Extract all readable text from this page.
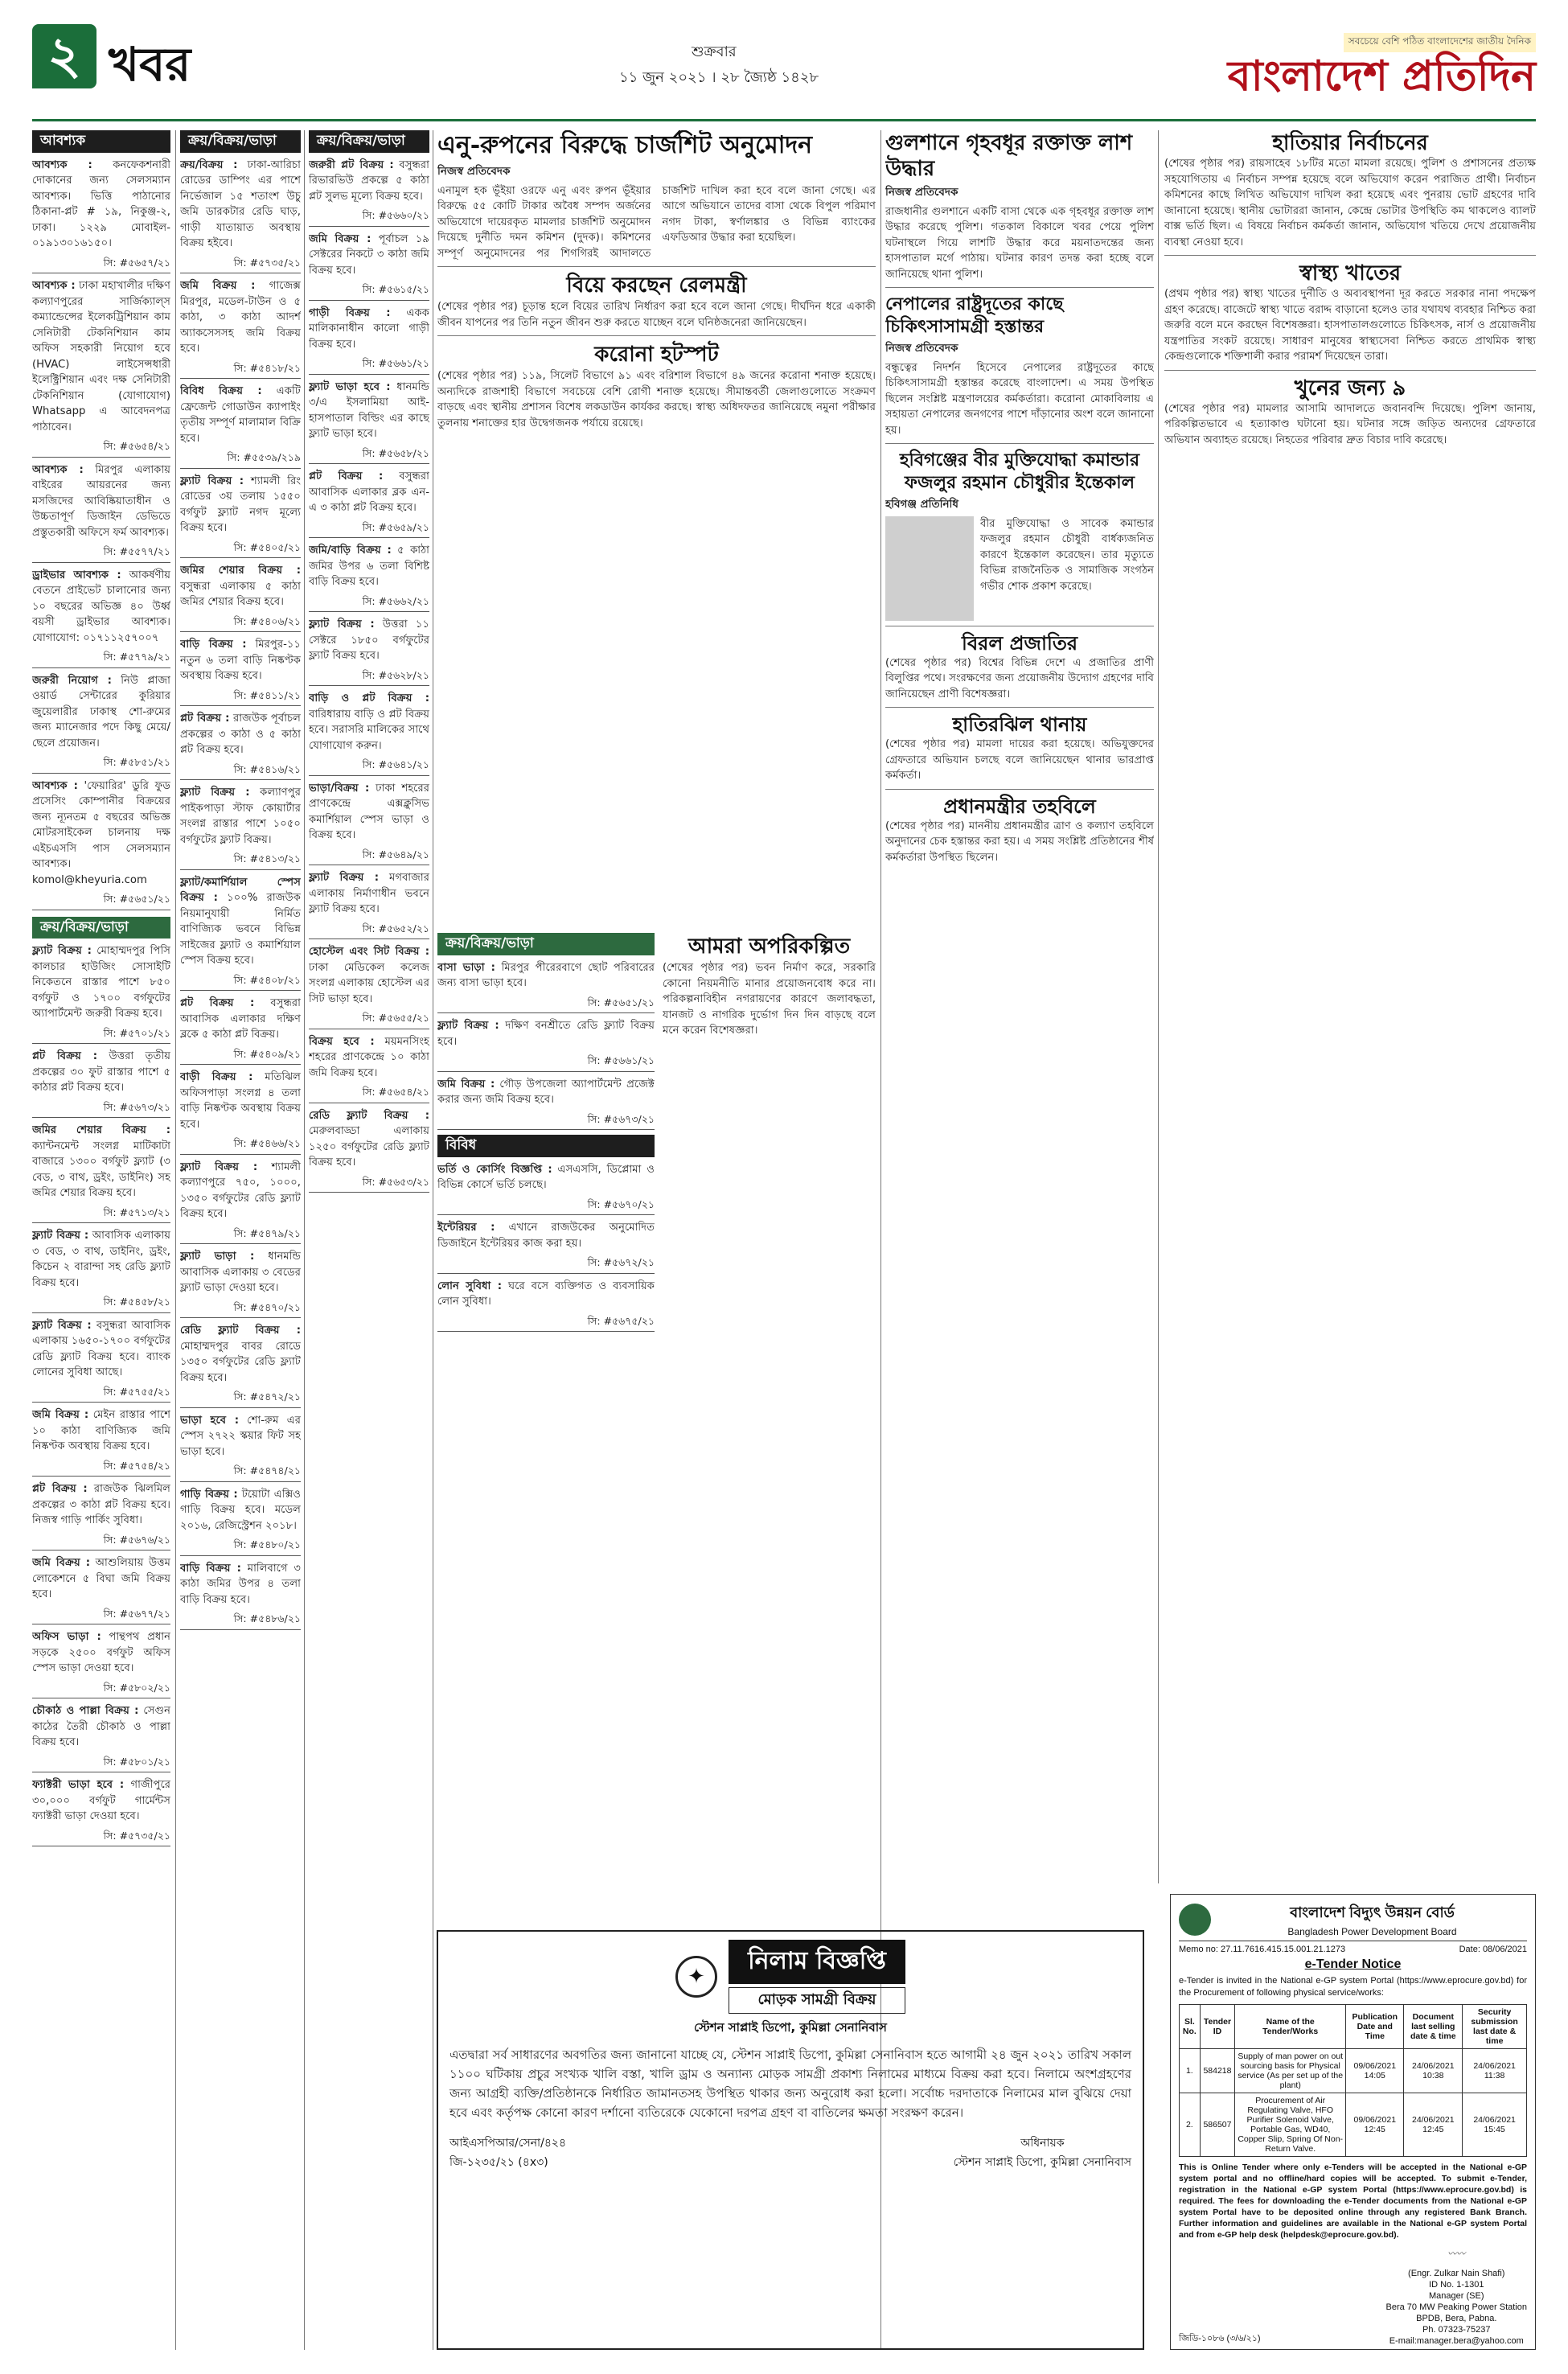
২ খবর	শুক্রবার
১১ জুন ২০২১ । ২৮ জ্যৈষ্ঠ ১৪২৮
সবচেয়ে বেশি পঠিত বাংলাদেশের জাতীয় দৈনিক
বাংলাদেশ প্রতিদিন
আবশ্যক
আবশ্যক : কনফেকশনারী দোকানের জন্য সেলসম্যান আবশ্যক। ভিত্তি পাঠানোর ঠিকানা-প্লট # ১৯, নিকুঞ্জ-২, ঢাকা। ১২২৯ মোবাইল- ০১৯১৩০১৬১৫০।
সি: #৫৬৫৭/২১
আবশ্যক : ঢাকা মহাখালীর দক্ষিণ কল্যাণপুরের সার্জিক্যাল্স কম্যান্ডেন্সের ইলেকট্রিশিয়ান কাম সেনিটারী টেকনিশিয়ান কাম অফিস সহকারী নিয়োগ হবে (HVAC) লাইসেন্সধারী ইলেক্ট্রিশিয়ান এবং দক্ষ সেনিটারী টেকনিশিয়ান (যোগাযোগ) Whatsapp এ আবেদনপত্র পাঠাবেন।
সি: #৫৬৫৪/২১
আবশ্যক : মিরপুর এলাকায় বাইরের আয়রনের জন্য মসজিদের আবিষ্কিয়াতাধীন ও উচ্চতাপূর্ণ ডিজাইন ডেভিডে প্রস্তুতকারী অফিসে ফর্ম আবশ্যক।
সি: #৫৫৭৭/২১
ড্রাইভার আবশ্যক : আকর্ষণীয় বেতনে প্রাইভেট চালানোর জন্য ১০ বছরের অভিজ্ঞ ৪০ উর্ধ্ব বয়সী ড্রাইভার আবশ্যক। যোগাযোগ: ০১৭১১২৫৭০০৭
সি: #৫৭৭৯/২১
জরুরী নিয়োগ : নিউ প্লাজা ওয়ার্ড সেন্টারের কুরিয়ার জুয়েলারীর ঢাকাস্থ শো-রুমের জন্য ম্যানেজার পদে কিছু মেয়ে/ছেলে প্রয়োজন।
সি: #৫৮৫১/২১
আবশ্যক : 'ফেয়ারির' ডুরি ফুড প্রসেসিং কোম্পানীর বিক্রয়ের জন্য ন্যূনতম ৫ বছরের অভিজ্ঞ মোটরসাইকেল চালনায় দক্ষ এইচএসসি পাস সেলসম্যান আবশ্যক। komol@kheyuria.com
সি: #৫৬৫১/২১
ক্রয়/বিক্রয়/ভাড়া
ফ্ল্যাট বিক্রয় : মোহাম্মদপুর পিসি কালচার হাউজিং সোসাইটি নিকেতনে রাস্তার পাশে ৮৫০ বর্গফুট ও ১৭০০ বর্গফুটের অ্যাপার্টমেন্ট জরুরী বিক্রয় হবে।
সি: #৫৭০১/২১
প্লট বিক্রয় : উত্তরা তৃতীয় প্রকল্পের ৩০ ফুট রাস্তার পাশে ৫ কাঠার প্লট বিক্রয় হবে।
সি: #৫৬৭৩/২১
জমির শেয়ার বিক্রয় : ক্যান্টনমেন্ট সংলগ্ন মাটিকাটা বাজারে ১৩০০ বর্গফুট ফ্ল্যাট (৩ বেড, ৩ বাথ, ড্রইং, ডাইনিং) সহ জমির শেয়ার বিক্রয় হবে।
সি: #৫৭১৩/২১
ফ্ল্যাট বিক্রয় : আবাসিক এলাকায় ৩ বেড, ৩ বাথ, ডাইনিং, ড্রইং, কিচেন ২ বারান্দা সহ রেডি ফ্ল্যাট বিক্রয় হবে।
সি: #৫৪৫৮/২১
ফ্ল্যাট বিক্রয় : বসুন্ধরা আবাসিক এলাকায় ১৬৫০-১৭০০ বর্গফুটের রেডি ফ্ল্যাট বিক্রয় হবে। ব্যাংক লোনের সুবিধা আছে।
সি: #৫৭৫৫/২১
জমি বিক্রয় : মেইন রাস্তার পাশে ১০ কাঠা বাণিজ্যিক জমি নিষ্কণ্টক অবস্থায় বিক্রয় হবে।
সি: #৫৭৫৪/২১
প্লট বিক্রয় : রাজউক ঝিলমিল প্রকল্পের ৩ কাঠা প্লট বিক্রয় হবে। নিজস্ব গাড়ি পার্কিং সুবিধা।
সি: #৫৬৭৬/২১
জমি বিক্রয় : আশুলিয়ায় উত্তম লোকেশনে ৫ বিঘা জমি বিক্রয় হবে।
সি: #৫৬৭৭/২১
অফিস ভাড়া : পান্থপথ প্রধান সড়কে ২৫০০ বর্গফুট অফিস স্পেস ভাড়া দেওয়া হবে।
সি: #৫৮০২/২১
চৌকাঠ ও পাল্লা বিক্রয় : সেগুন কাঠের তৈরী চৌকাঠ ও পাল্লা বিক্রয় হবে।
সি: #৫৮০১/২১
ফ্যাক্টরী ভাড়া হবে : গাজীপুরে ৩০,০০০ বর্গফুট গার্মেন্টস ফ্যাক্টরী ভাড়া দেওয়া হবে।
সি: #৫৭৩৫/২১
ক্রয়/বিক্রয়/ভাড়া
ক্রয়/বিক্রয় : ঢাকা-আরিচা রোডের ডাম্পিং এর পাশে নির্ভেজাল ১৫ শতাংশ উচু জমি ডারকটার রেডি ঘাড়, গাড়ী যাতায়াত অবস্থায় বিক্রয় হইবে।
সি: #৫৭৩৫/২১
জমি বিক্রয় : গাজেক্স মিরপুর, মডেল-টাউন ও ৫ কাঠা, ৩ কাঠা আদর্শ অ্যাকসেসসহ জমি বিক্রয় হবে।
সি: #৫৪১৮/২১
বিবিধ বিক্রয় : একটি ফ্রেজেন্ট গোডাউন ক্যাপাইং তৃতীয় সম্পূর্ণ মালামাল বিক্রি হবে।
সি: #৫৫৩৯/২১৯
ফ্ল্যাট বিক্রয় : শ্যামলী রিং রোডের ৩য় তলায় ১৫৫০ বর্গফুট ফ্ল্যাট নগদ মূল্যে বিক্রয় হবে।
সি: #৫৪০৫/২১
জমির শেয়ার বিক্রয় : বসুন্ধরা এলাকায় ৫ কাঠা জমির শেয়ার বিক্রয় হবে।
সি: #৫৪০৬/২১
বাড়ি বিক্রয় : মিরপুর-১১ নতুন ৬ তলা বাড়ি নিষ্কণ্টক অবস্থায় বিক্রয় হবে।
সি: #৫৪১১/২১
প্লট বিক্রয় : রাজউক পূর্বাচল প্রকল্পের ৩ কাঠা ও ৫ কাঠা প্লট বিক্রয় হবে।
সি: #৫৪১৬/২১
ফ্ল্যাট বিক্রয় : কল্যাণপুর পাইকপাড়া স্টাফ কোয়ার্টার সংলগ্ন রাস্তার পাশে ১০৫০ বর্গফুটের ফ্ল্যাট বিক্রয়।
সি: #৫৪১৩/২১
ফ্ল্যাট/কমার্শিয়াল স্পেস বিক্রয় : ১০০% রাজউক নিয়মানুযায়ী নির্মিত বাণিজ্যিক ভবনে বিভিন্ন সাইজের ফ্ল্যাট ও কমার্শিয়াল স্পেস বিক্রয় হবে।
সি: #৫৪০৮/২১
প্লট বিক্রয় : বসুন্ধরা আবাসিক এলাকার দক্ষিণ ব্লকে ৫ কাঠা প্লট বিক্রয়।
সি: #৫৪০৯/২১
বাড়ী বিক্রয় : মতিঝিল অফিসপাড়া সংলগ্ন ৪ তলা বাড়ি নিষ্কণ্টক অবস্থায় বিক্রয় হবে।
সি: #৫৪৬৬/২১
ফ্ল্যাট বিক্রয় : শ্যামলী কল্যাণপুরে ৭৫০, ১০০০, ১৩৫০ বর্গফুটের রেডি ফ্ল্যাট বিক্রয় হবে।
সি: #৫৪৭৯/২১
ফ্ল্যাট ভাড়া : ধানমন্ডি আবাসিক এলাকায় ৩ বেডের ফ্ল্যাট ভাড়া দেওয়া হবে।
সি: #৫৪৭০/২১
রেডি ফ্ল্যাট বিক্রয় : মোহাম্মদপুর বাবর রোডে ১৩৫০ বর্গফুটের রেডি ফ্ল্যাট বিক্রয় হবে।
সি: #৫৪৭২/২১
ভাড়া হবে : শো-রুম এর স্পেস ২৭২২ স্কয়ার ফিট সহ ভাড়া হবে।
সি: #৫৪৭৪/২১
গাড়ি বিক্রয় : টয়োটা এক্সিও গাড়ি বিক্রয় হবে। মডেল ২০১৬, রেজিস্ট্রেশন ২০১৮।
সি: #৫৪৮০/২১
বাড়ি বিক্রয় : মালিবাগে ৩ কাঠা জমির উপর ৪ তলা বাড়ি বিক্রয় হবে।
সি: #৫৪৮৬/২১
ক্রয়/বিক্রয়/ভাড়া
জরুরী প্লট বিক্রয় : বসুন্ধরা রিভারভিউ প্রকল্পে ৫ কাঠা প্লট সুলভ মূল্যে বিক্রয় হবে।
সি: #৫৬৬০/২১
জমি বিক্রয় : পূর্বাচল ১৯ সেক্টরের নিকটে ৩ কাঠা জমি বিক্রয় হবে।
সি: #৫৬১৫/২১
গাড়ী বিক্রয় : একক মালিকানাধীন কালো গাড়ী বিক্রয় হবে।
সি: #৫৬৬১/২১
ফ্ল্যাট ভাড়া হবে : ধানমন্ডি ৩/এ ইসলামিয়া আই-হাসপাতাল বিল্ডিং এর কাছে ফ্ল্যাট ভাড়া হবে।
সি: #৫৬৫৮/২১
প্লট বিক্রয় : বসুন্ধরা আবাসিক এলাকার ব্লক এন-এ ৩ কাঠা প্লট বিক্রয় হবে।
সি: #৫৬৫৯/২১
জমি/বাড়ি বিক্রয় : ৫ কাঠা জমির উপর ৬ তলা বিশিষ্ট বাড়ি বিক্রয় হবে।
সি: #৫৬৬২/২১
ফ্ল্যাট বিক্রয় : উত্তরা ১১ সেক্টরে ১৮৫০ বর্গফুটের ফ্ল্যাট বিক্রয় হবে।
সি: #৫৬২৮/২১
বাড়ি ও প্লট বিক্রয় : বারিধারায় বাড়ি ও প্লট বিক্রয় হবে। সরাসরি মালিকের সাথে যোগাযোগ করুন।
সি: #৫৬৪১/২১
ভাড়া/বিক্রয় : ঢাকা শহরের প্রাণকেন্দ্রে এক্সক্লুসিভ কমার্শিয়াল স্পেস ভাড়া ও বিক্রয় হবে।
সি: #৫৬৪৯/২১
ফ্ল্যাট বিক্রয় : মগবাজার এলাকায় নির্মাণাধীন ভবনে ফ্ল্যাট বিক্রয় হবে।
সি: #৫৬৫২/২১
হোস্টেল এবং সিট বিক্রয় : ঢাকা মেডিকেল কলেজ সংলগ্ন এলাকায় হোস্টেল এর সিট ভাড়া হবে।
সি: #৫৬৫৫/২১
বিক্রয় হবে : ময়মনসিংহ শহরের প্রাণকেন্দ্রে ১০ কাঠা জমি বিক্রয় হবে।
সি: #৫৬৫৪/২১
রেডি ফ্ল্যাট বিক্রয় : মেরুলবাড্ডা এলাকায় ১২৫০ বর্গফুটের রেডি ফ্ল্যাট বিক্রয় হবে।
সি: #৫৬৫৩/২১
এনু-রুপনের বিরুদ্ধে চার্জশিট অনুমোদন
নিজস্ব প্রতিবেদক
এনামুল হক ভূঁইয়া ওরফে এনু এবং রুপন ভূঁইয়ার বিরুদ্ধে ৫৫ কোটি টাকার অবৈধ সম্পদ অর্জনের অভিযোগে দায়েরকৃত মামলার চার্জশিট অনুমোদন দিয়েছে দুর্নীতি দমন কমিশন (দুদক)। কমিশনের সম্পূর্ণ অনুমোদনের পর শিগগিরই আদালতে চার্জশিট দাখিল করা হবে বলে জানা গেছে। এর আগে অভিযানে তাদের বাসা থেকে বিপুল পরিমাণ নগদ টাকা, স্বর্ণালঙ্কার ও বিভিন্ন ব্যাংকের এফডিআর উদ্ধার করা হয়েছিল।
বিয়ে করছেন রেলমন্ত্রী
(শেষের পৃষ্ঠার পর) চূড়ান্ত হলে বিয়ের তারিখ নির্ধারণ করা হবে বলে জানা গেছে। দীর্ঘদিন ধরে একাকী জীবন যাপনের পর তিনি নতুন জীবন শুরু করতে যাচ্ছেন বলে ঘনিষ্ঠজনেরা জানিয়েছেন।
করোনা হটস্পট
(শেষের পৃষ্ঠার পর) ১১৯, সিলেট বিভাগে ৯১ এবং বরিশাল বিভাগে ৪৯ জনের করোনা শনাক্ত হয়েছে। অন্যদিকে রাজশাহী বিভাগে সবচেয়ে বেশি রোগী শনাক্ত হয়েছে। সীমান্তবর্তী জেলাগুলোতে সংক্রমণ বাড়ছে এবং স্থানীয় প্রশাসন বিশেষ লকডাউন কার্যকর করছে। স্বাস্থ্য অধিদফতর জানিয়েছে নমুনা পরীক্ষার তুলনায় শনাক্তের হার উদ্বেগজনক পর্যায়ে রয়েছে।
ক্রয়/বিক্রয়/ভাড়া
বাসা ভাড়া : মিরপুর পীরেরবাগে ছোট পরিবারের জন্য বাসা ভাড়া হবে।
সি: #৫৬৫১/২১
ফ্ল্যাট বিক্রয় : দক্ষিণ বনশ্রীতে রেডি ফ্ল্যাট বিক্রয় হবে।
সি: #৫৬৬১/২১
জমি বিক্রয় : গৌড় উপজেলা অ্যাপার্টমেন্ট প্রজেক্ট করার জন্য জমি বিক্রয় হবে।
সি: #৫৬৭৩/২১
বিবিধ
ভর্তি ও কোর্সিং বিজ্ঞপ্তি : এসএসসি, ডিপ্লোমা ও বিভিন্ন কোর্সে ভর্তি চলছে।
সি: #৫৬৭০/২১
ইন্টেরিয়র : এখানে রাজউকের অনুমোদিত ডিজাইনে ইন্টেরিয়র কাজ করা হয়।
সি: #৫৬৭২/২১
লোন সুবিধা : ঘরে বসে ব্যক্তিগত ও ব্যবসায়িক লোন সুবিধা।
সি: #৫৬৭৫/২১
আমরা অপরিকল্পিত
(শেষের পৃষ্ঠার পর) ভবন নির্মাণ করে, সরকারি কোনো নিয়মনীতি মানার প্রয়োজনবোধ করে না। পরিকল্পনাবিহীন নগরায়ণের কারণে জলাবদ্ধতা, যানজট ও নাগরিক দুর্ভোগ দিন দিন বাড়ছে বলে মনে করেন বিশেষজ্ঞরা।
গুলশানে গৃহবধূর রক্তাক্ত লাশ উদ্ধার
নিজস্ব প্রতিবেদক
রাজধানীর গুলশানে একটি বাসা থেকে এক গৃহবধূর রক্তাক্ত লাশ উদ্ধার করেছে পুলিশ। গতকাল বিকালে খবর পেয়ে পুলিশ ঘটনাস্থলে গিয়ে লাশটি উদ্ধার করে ময়নাতদন্তের জন্য হাসপাতাল মর্গে পাঠায়। ঘটনার কারণ তদন্ত করা হচ্ছে বলে জানিয়েছে থানা পুলিশ।
নেপালের রাষ্ট্রদূতের কাছে চিকিৎসাসামগ্রী হস্তান্তর
নিজস্ব প্রতিবেদক
বন্ধুত্বের নিদর্শন হিসেবে নেপালের রাষ্ট্রদূতের কাছে চিকিৎসাসামগ্রী হস্তান্তর করেছে বাংলাদেশ। এ সময় উপস্থিত ছিলেন সংশ্লিষ্ট মন্ত্রণালয়ের কর্মকর্তারা। করোনা মোকাবিলায় এ সহায়তা নেপালের জনগণের পাশে দাঁড়ানোর অংশ বলে জানানো হয়।
হবিগঞ্জের বীর মুক্তিযোদ্ধা কমান্ডার ফজলুর রহমান চৌধুরীর ইন্তেকাল
হবিগঞ্জ প্রতিনিধি
বীর মুক্তিযোদ্ধা ও সাবেক কমান্ডার ফজলুর রহমান চৌধুরী বার্ধক্যজনিত কারণে ইন্তেকাল করেছেন। তার মৃত্যুতে বিভিন্ন রাজনৈতিক ও সামাজিক সংগঠন গভীর শোক প্রকাশ করেছে।
বিরল প্রজাতির
(শেষের পৃষ্ঠার পর) বিশ্বের বিভিন্ন দেশে এ প্রজাতির প্রাণী বিলুপ্তির পথে। সংরক্ষণের জন্য প্রয়োজনীয় উদ্যোগ গ্রহণের দাবি জানিয়েছেন প্রাণী বিশেষজ্ঞরা।
হাতিরঝিল থানায়
(শেষের পৃষ্ঠার পর) মামলা দায়ের করা হয়েছে। অভিযুক্তদের গ্রেফতারে অভিযান চলছে বলে জানিয়েছেন থানার ভারপ্রাপ্ত কর্মকর্তা।
প্রধানমন্ত্রীর তহবিলে
(শেষের পৃষ্ঠার পর) মাননীয় প্রধানমন্ত্রীর ত্রাণ ও কল্যাণ তহবিলে অনুদানের চেক হস্তান্তর করা হয়। এ সময় সংশ্লিষ্ট প্রতিষ্ঠানের শীর্ষ কর্মকর্তারা উপস্থিত ছিলেন।
হাতিয়ার নির্বাচনের
(শেষের পৃষ্ঠার পর) রায়সাহেব ১৮টির মতো মামলা রয়েছে। পুলিশ ও প্রশাসনের প্রত্যক্ষ সহযোগিতায় এ নির্বাচন সম্পন্ন হয়েছে বলে অভিযোগ করেন পরাজিত প্রার্থী। নির্বাচন কমিশনের কাছে লিখিত অভিযোগ দাখিল করা হয়েছে এবং পুনরায় ভোট গ্রহণের দাবি জানানো হয়েছে। স্থানীয় ভোটাররা জানান, কেন্দ্রে ভোটার উপস্থিতি কম থাকলেও ব্যালট বাক্স ভর্তি ছিল। এ বিষয়ে নির্বাচন কর্মকর্তা জানান, অভিযোগ খতিয়ে দেখে প্রয়োজনীয় ব্যবস্থা নেওয়া হবে।
স্বাস্থ্য খাতের
(প্রথম পৃষ্ঠার পর) স্বাস্থ্য খাতের দুর্নীতি ও অব্যবস্থাপনা দূর করতে সরকার নানা পদক্ষেপ গ্রহণ করেছে। বাজেটে স্বাস্থ্য খাতে বরাদ্দ বাড়ানো হলেও তার যথাযথ ব্যবহার নিশ্চিত করা জরুরি বলে মনে করছেন বিশেষজ্ঞরা। হাসপাতালগুলোতে চিকিৎসক, নার্স ও প্রয়োজনীয় যন্ত্রপাতির সংকট রয়েছে। সাধারণ মানুষের স্বাস্থ্যসেবা নিশ্চিত করতে প্রাথমিক স্বাস্থ্য কেন্দ্রগুলোকে শক্তিশালী করার পরামর্শ দিয়েছেন তারা।
খুনের জন্য ৯
(শেষের পৃষ্ঠার পর) মামলার আসামি আদালতে জবানবন্দি দিয়েছে। পুলিশ জানায়, পরিকল্পিতভাবে এ হত্যাকাণ্ড ঘটানো হয়। ঘটনার সঙ্গে জড়িত অন্যদের গ্রেফতারে অভিযান অব্যাহত রয়েছে। নিহতের পরিবার দ্রুত বিচার দাবি করেছে।
✦
নিলাম বিজ্ঞপ্তি
মোড়ক সামগ্রী বিক্রয়
স্টেশন সাপ্লাই ডিপো, কুমিল্লা সেনানিবাস
এতদ্বারা সর্ব সাধারণের অবগতির জন্য জানানো যাচ্ছে যে, স্টেশন সাপ্লাই ডিপো, কুমিল্লা সেনানিবাস হতে আগামী ২৪ জুন ২০২১ তারিখ সকাল ১১০০ ঘটিকায় প্রচুর সংখ্যক খালি বস্তা, খালি ড্রাম ও অন্যান্য মোড়ক সামগ্রী প্রকাশ্য নিলামের মাধ্যমে বিক্রয় করা হবে। নিলামে অংশগ্রহণের জন্য আগ্রহী ব্যক্তি/প্রতিষ্ঠানকে নির্ধারিত জামানতসহ উপস্থিত থাকার জন্য অনুরোধ করা হলো। সর্বোচ্চ দরদাতাকে নিলামের মাল বুঝিয়ে দেয়া হবে এবং কর্তৃপক্ষ কোনো কারণ দর্শানো ব্যতিরেকে যেকোনো দরপত্র গ্রহণ বা বাতিলের ক্ষমতা সংরক্ষণ করেন।
আইএসপিআর/সেনা/৪২৪
জি-১২৩৫/২১ (৪x৩)
অধিনায়ক
স্টেশন সাপ্লাই ডিপো, কুমিল্লা সেনানিবাস
বাংলাদেশ বিদ্যুৎ উন্নয়ন বোর্ড
Bangladesh Power Development Board
Memo no: 27.11.7616.415.15.001.21.1273	Date: 08/06/2021
e-Tender Notice
e-Tender is invited in the National e-GP system Portal (https://www.eprocure.gov.bd) for the Procurement of following physical service/works:
Sl. No.	Tender ID	Name of the Tender/Works	Publication Date and Time	Document last selling date & time	Security submission last date & time
1.	584218	Supply of man power on out sourcing basis for Physical service (As per set up of the plant)	09/06/2021 14:05	24/06/2021 10:38	24/06/2021 11:38
2.	586507	Procurement of Air Regulating Valve, HFO Purifier Solenoid Valve, Portable Gas, WD40, Copper Slip, Spring Of Non-Return Valve.	09/06/2021 12:45	24/06/2021 12:45	24/06/2021 15:45
This is Online Tender where only e-Tenders will be accepted in the National e-GP system portal and no offline/hard copies will be accepted. To submit e-Tender, registration in the National e-GP system Portal (https://www.eprocure.gov.bd) is required. The fees for downloading the e-Tender documents from the National e-GP system Portal have to be deposited online through any registered Bank Branch. Further information and guidelines are available in the National e-GP system Portal and from e-GP help desk (helpdesk@eprocure.gov.bd).
জিডি-১০৮৬ (৩/৬/২১)
〰〰
(Engr. Zulkar Nain Shafi)
ID No. 1-1301
Manager (SE)
Bera 70 MW Peaking Power Station
BPDB, Bera, Pabna.
Ph. 07323-75237
E-mail:manager.bera@yahoo.com
